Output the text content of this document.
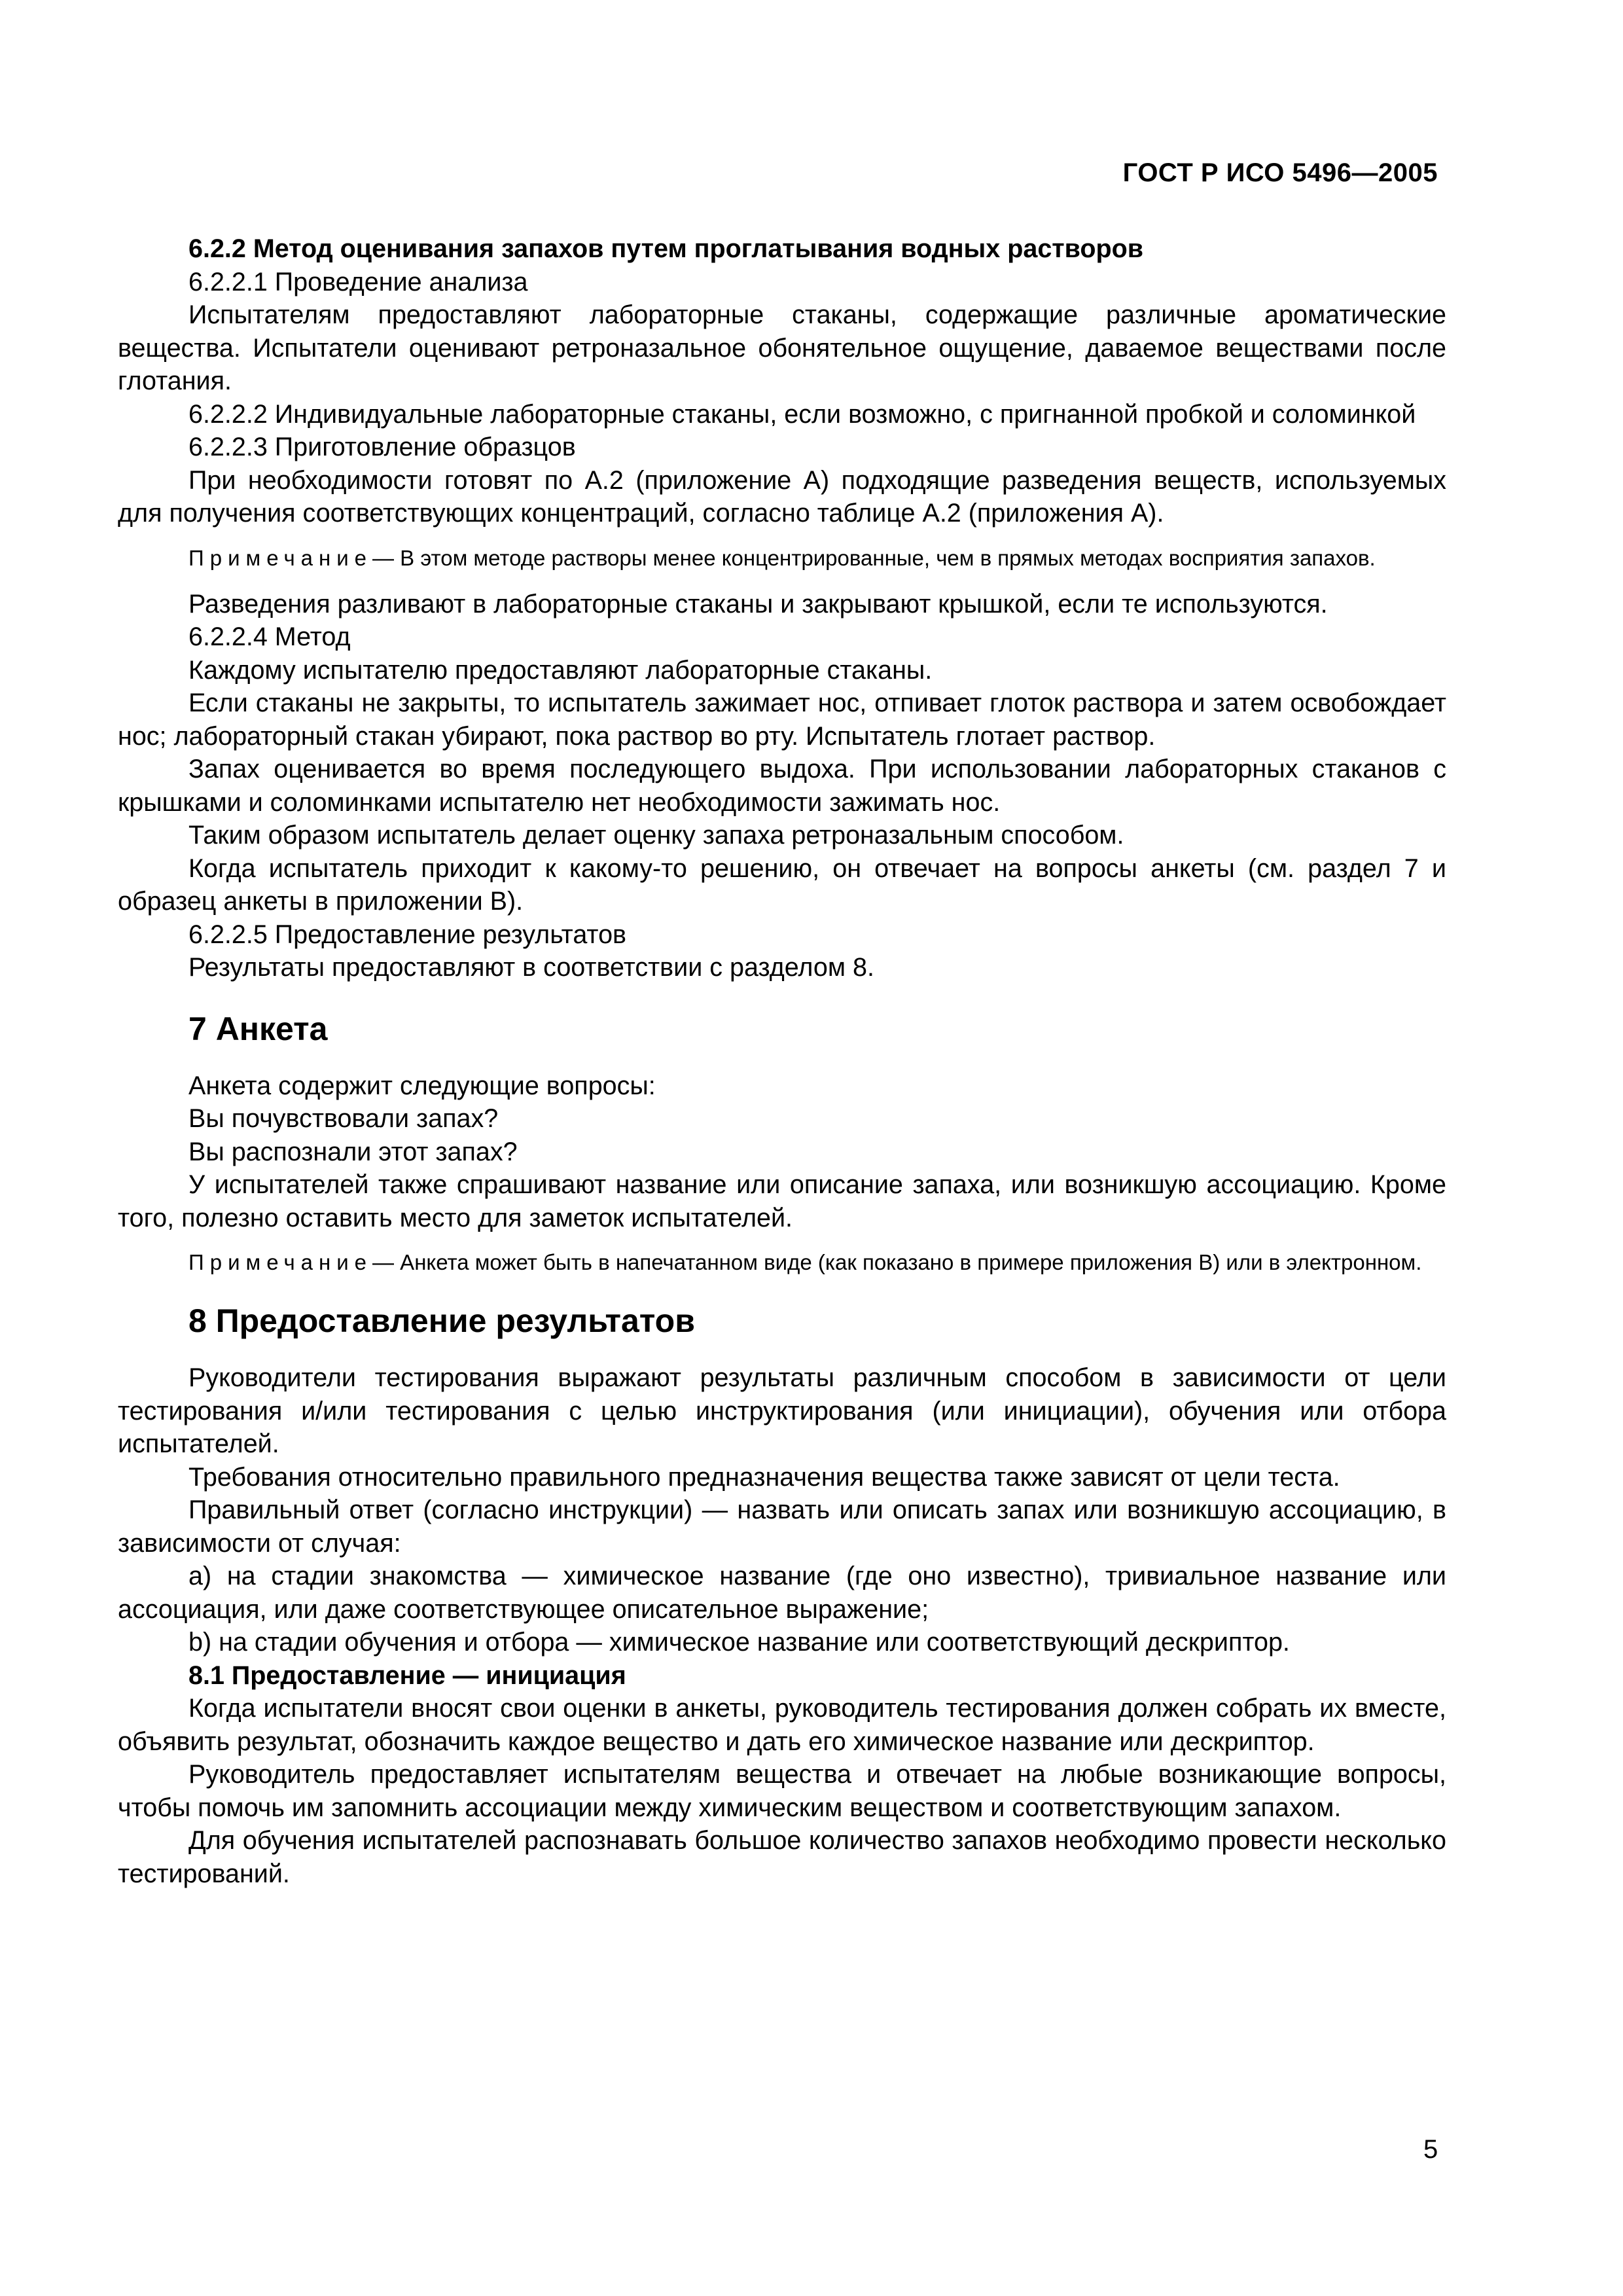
ГОСТ Р ИСО 5496—2005
6.2.2 Метод оценивания запахов путем проглатывания водных растворов
6.2.2.1 Проведение анализа
Испытателям предоставляют лабораторные стаканы, содержащие различные ароматические вещества. Испытатели оценивают ретроназальное обонятельное ощущение, даваемое веществами после глотания.
6.2.2.2 Индивидуальные лабораторные стаканы, если возможно, с пригнанной пробкой и соломинкой
6.2.2.3 Приготовление образцов
При необходимости готовят по А.2 (приложение А) подходящие разведения веществ, используемых для получения соответствующих концентраций, согласно таблице А.2 (приложения А).
Примечание— В этом методе растворы менее концентрированные, чем в прямых методах восприятия запахов.
Разведения разливают в лабораторные стаканы и закрывают крышкой, если те используются.
6.2.2.4 Метод
Каждому испытателю предоставляют лабораторные стаканы.
Если стаканы не закрыты, то испытатель зажимает нос, отпивает глоток раствора и затем освобождает нос; лабораторный стакан убирают, пока раствор во рту. Испытатель глотает раствор.
Запах оценивается во время последующего выдоха. При использовании лабораторных стаканов с крышками и соломинками испытателю нет необходимости зажимать нос.
Таким образом испытатель делает оценку запаха ретроназальным способом.
Когда испытатель приходит к какому-то решению, он отвечает на вопросы анкеты (см. раздел 7 и образец анкеты в приложении В).
6.2.2.5 Предоставление результатов
Результаты предоставляют в соответствии с разделом 8.
7 Анкета
Анкета содержит следующие вопросы:
Вы почувствовали запах?
Вы распознали этот запах?
У испытателей также спрашивают название или описание запаха, или возникшую ассоциацию. Кроме того, полезно оставить место для заметок испытателей.
Примечание— Анкета может быть в напечатанном виде (как показано в примере приложения В) или в электронном.
8 Предоставление результатов
Руководители тестирования выражают результаты различным способом в зависимости от цели тестирования и/или тестирования с целью инструктирования (или инициации), обучения или отбора испытателей.
Требования относительно правильного предназначения вещества также зависят от цели теста.
Правильный ответ (согласно инструкции) — назвать или описать запах или возникшую ассоциацию, в зависимости от случая:
a) на стадии знакомства — химическое название (где оно известно), тривиальное название или ассоциация, или даже соответствующее описательное выражение;
b) на стадии обучения и отбора — химическое название или соответствующий дескриптор.
8.1 Предоставление — инициация
Когда испытатели вносят свои оценки в анкеты, руководитель тестирования должен собрать их вместе, объявить результат, обозначить каждое вещество и дать его химическое название или дескриптор.
Руководитель предоставляет испытателям вещества и отвечает на любые возникающие вопросы, чтобы помочь им запомнить ассоциации между химическим веществом и соответствующим запахом.
Для обучения испытателей распознавать большое количество запахов необходимо провести несколько тестирований.
5
